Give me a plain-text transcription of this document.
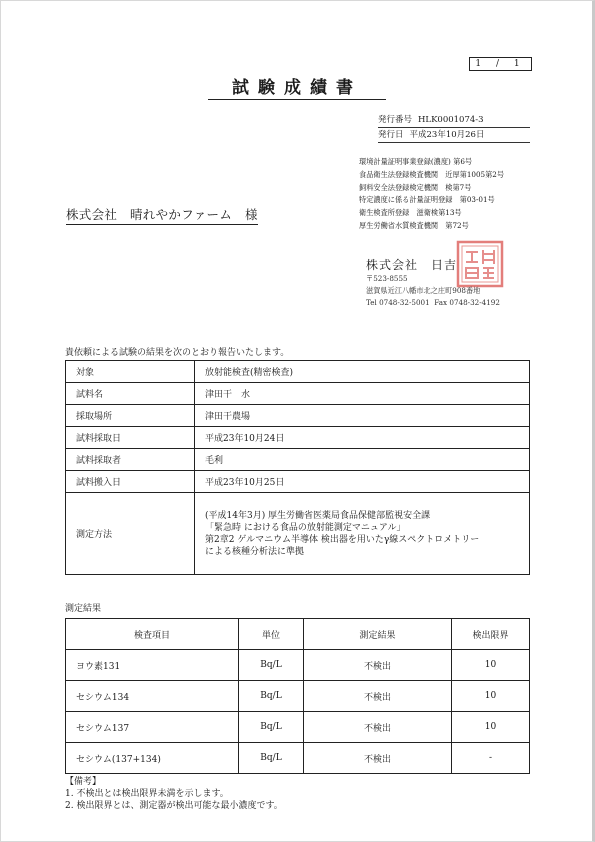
1 / 1
試験成績書
発行番号 HLK0001074-3
発行日 平成23年10月26日
環境計量証明事業登録(濃度) 第6号
食品衛生法登録検査機関　近厚第1005第2号
飼料安全法登録検定機関　検第7号
特定濃度に係る計量証明登録　第03-01号
衛生検査所登録　滋衛検第13号
厚生労働省水質検査機関　第72号
株式会社　晴れやかファーム　様
株式会社　日吉
〒523-8555
滋賀県近江八幡市北之庄町908番地
Tel 0748-32-5001 Fax 0748-32-4192
貴依頼による試験の結果を次のとおり報告いたします。
対象	放射能検査(精密検査)
試料名	津田干　水
採取場所	津田干農場
試料採取日	平成23年10月24日
試料採取者	毛利
試料搬入日	平成23年10月25日
測定方法	(平成14年3月) 厚生労働省医薬局食品保健部監視安全課
「緊急時 における食品の放射能測定マニュアル」
第2章2 ゲルマニウム半導体 検出器を用いたγ線スペクトロメトリー
による核種分析法に準拠
測定結果
検査項目	単位	測定結果	検出限界
ヨウ素131	Bq/L	不検出	10
セシウム134	Bq/L	不検出	10
セシウム137	Bq/L	不検出	10
セシウム(137+134)	Bq/L	不検出	-
【備考】
1. 不検出とは検出限界未満を示します。
2. 検出限界とは、測定器が検出可能な最小濃度です。
